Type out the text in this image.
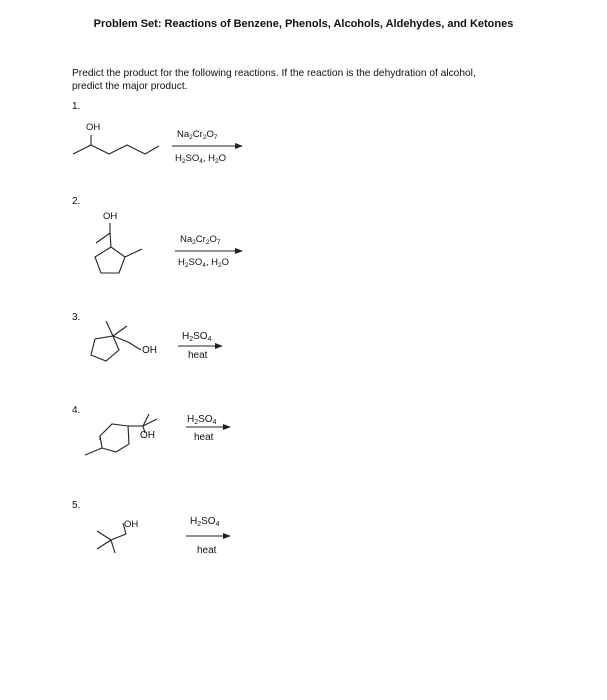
Problem Set: Reactions of Benzene, Phenols, Alcohols, Aldehydes, and Ketones
Predict the product for the following reactions. If the reaction is the dehydration of alcohol,
predict the major product.
1.
OH
$Na_2Cr_2O_7$
$H_2SO_4$, $H_2O$
2.
OH
$Na_2Cr_2O_7$
$H_2SO_4$, $H_2O$
3.
OH
$H_2SO_4$
heat
4.
OH
$H_2SO_4$
heat
5.
OH	$H_2SO_4$
heat
